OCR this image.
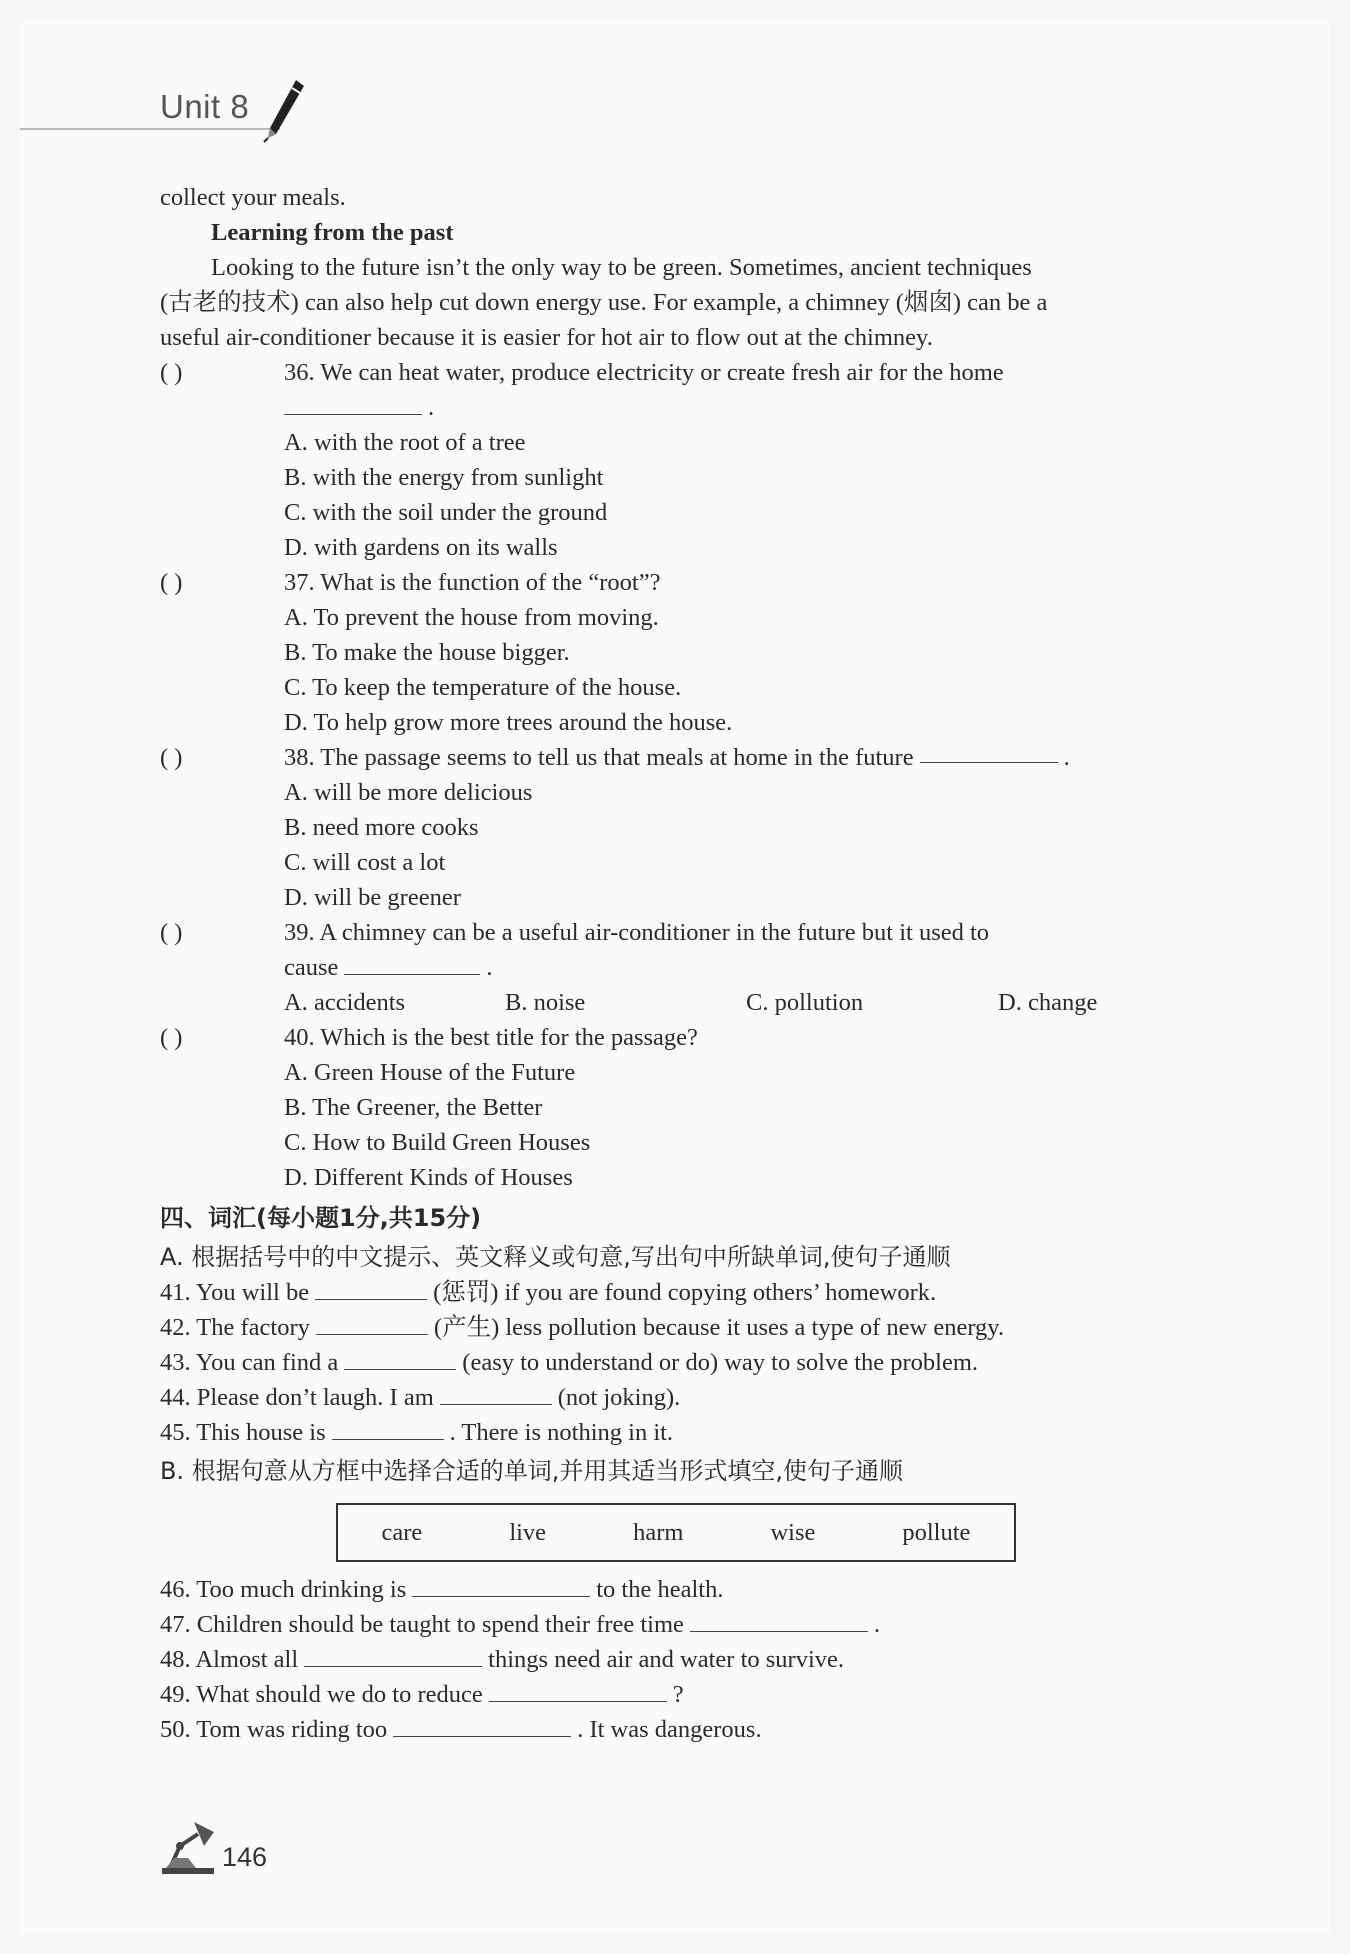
Unit 8
collect your meals.
Learning from the past
Looking to the future isn’t the only way to be green. Sometimes, ancient techniques
(古老的技术) can also help cut down energy use. For example, a chimney (烟囱) can be a
useful air-conditioner because it is easier for hot air to flow out at the chimney.
( )	36. We can heat water, produce electricity or create fresh air for the home
.
A. with the root of a tree
B. with the energy from sunlight
C. with the soil under the ground
D. with gardens on its walls
( )	37. What is the function of the “root”?
A. To prevent the house from moving.
B. To make the house bigger.
C. To keep the temperature of the house.
D. To help grow more trees around the house.
( )	38. The passage seems to tell us that meals at home in the future	.
A. will be more delicious
B. need more cooks
C. will cost a lot
D. will be greener
( )	39. A chimney can be a useful air-conditioner in the future but it used to
cause	.
A. accidents	B. noise	C. pollution	D. change
( )	40. Which is the best title for the passage?
A. Green House of the Future
B. The Greener, the Better
C. How to Build Green Houses
D. Different Kinds of Houses
四、词汇(每小题1分,共15分)
A. 根据括号中的中文提示、英文释义或句意,写出句中所缺单词,使句子通顺
41. You will be	(惩罚) if you are found copying others’ homework.
42. The factory	(产生) less pollution because it uses a type of new energy.
43. You can find a	(easy to understand or do) way to solve the problem.
44. Please don’t laugh. I am	(not joking).
45. This house is	. There is nothing in it.
B. 根据句意从方框中选择合适的单词,并用其适当形式填空,使句子通顺
care	live	harm	wise	pollute
46. Too much drinking is	to the health.
47. Children should be taught to spend their free time	.
48. Almost all	things need air and water to survive.
49. What should we do to reduce	?
50. Tom was riding too	. It was dangerous.
146
